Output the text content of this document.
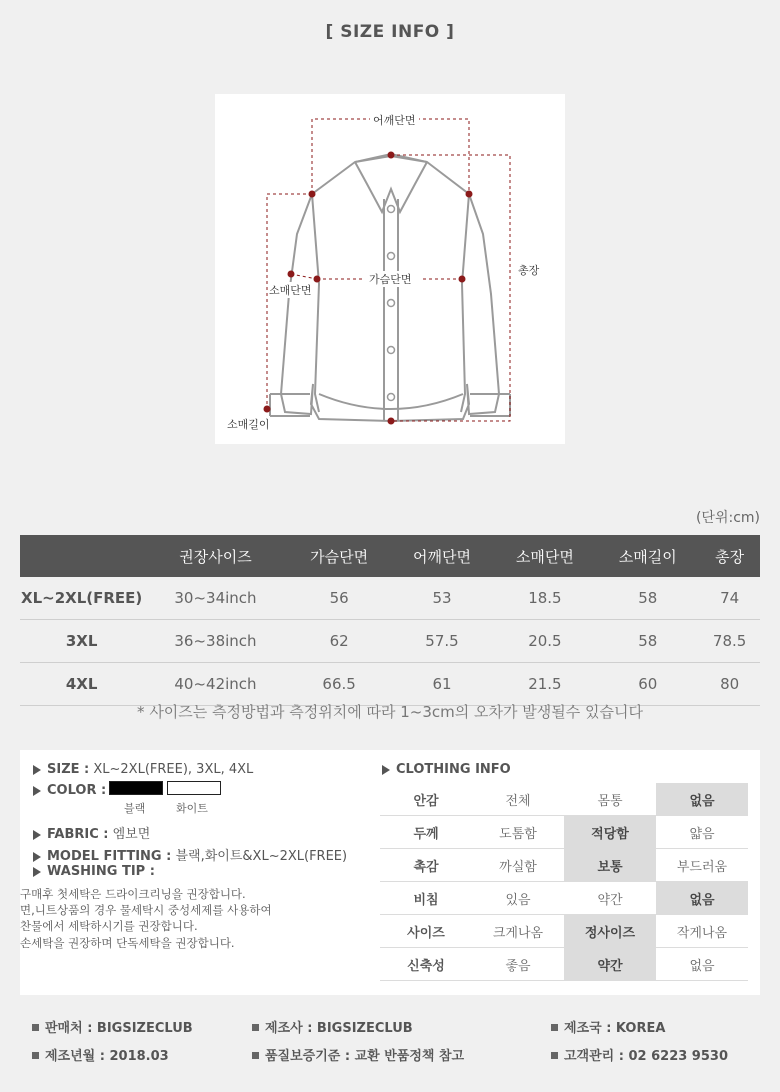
[ SIZE INFO ]
어깨단면
총장
가슴단면
소매단면
소매길이
(단위:cm)
	권장사이즈	가슴단면	어깨단면	소매단면	소매길이	총장
XL~2XL(FREE)	30~34inch	56	53	18.5	58	74
3XL	36~38inch	62	57.5	20.5	58	78.5
4XL	40~42inch	66.5	61	21.5	60	80
* 사이즈는 측정방법과 측정위치에 따라 1~3cm의 오차가 발생될수 있습니다
SIZE : XL~2XL(FREE), 3XL, 4XL
COLOR :
블랙	화이트
FABRIC : 엠보면
MODEL FITTING : 블랙,화이트&XL~2XL(FREE)
WASHING TIP :
구매후 첫세탁은 드라이크리닝을 권장합니다.
면,니트상품의 경우 물세탁시 중성세제를 사용하여
찬물에서 세탁하시기를 권장합니다.
손세탁을 권장하며 단독세탁을 권장합니다.
CLOTHING INFO
안감	전체	몸통	없음
두께	도톰함	적당함	얇음
촉감	까실함	보통	부드러움
비침	있음	약간	없음
사이즈	크게나옴	정사이즈	작게나옴
신축성	좋음	약간	없음
판매처 : BIGSIZECLUB	제조사 : BIGSIZECLUB	제조국 : KOREA
제조년월 : 2018.03	품질보증기준 : 교환 반품정책 참고	고객관리 : 02 6223 9530
